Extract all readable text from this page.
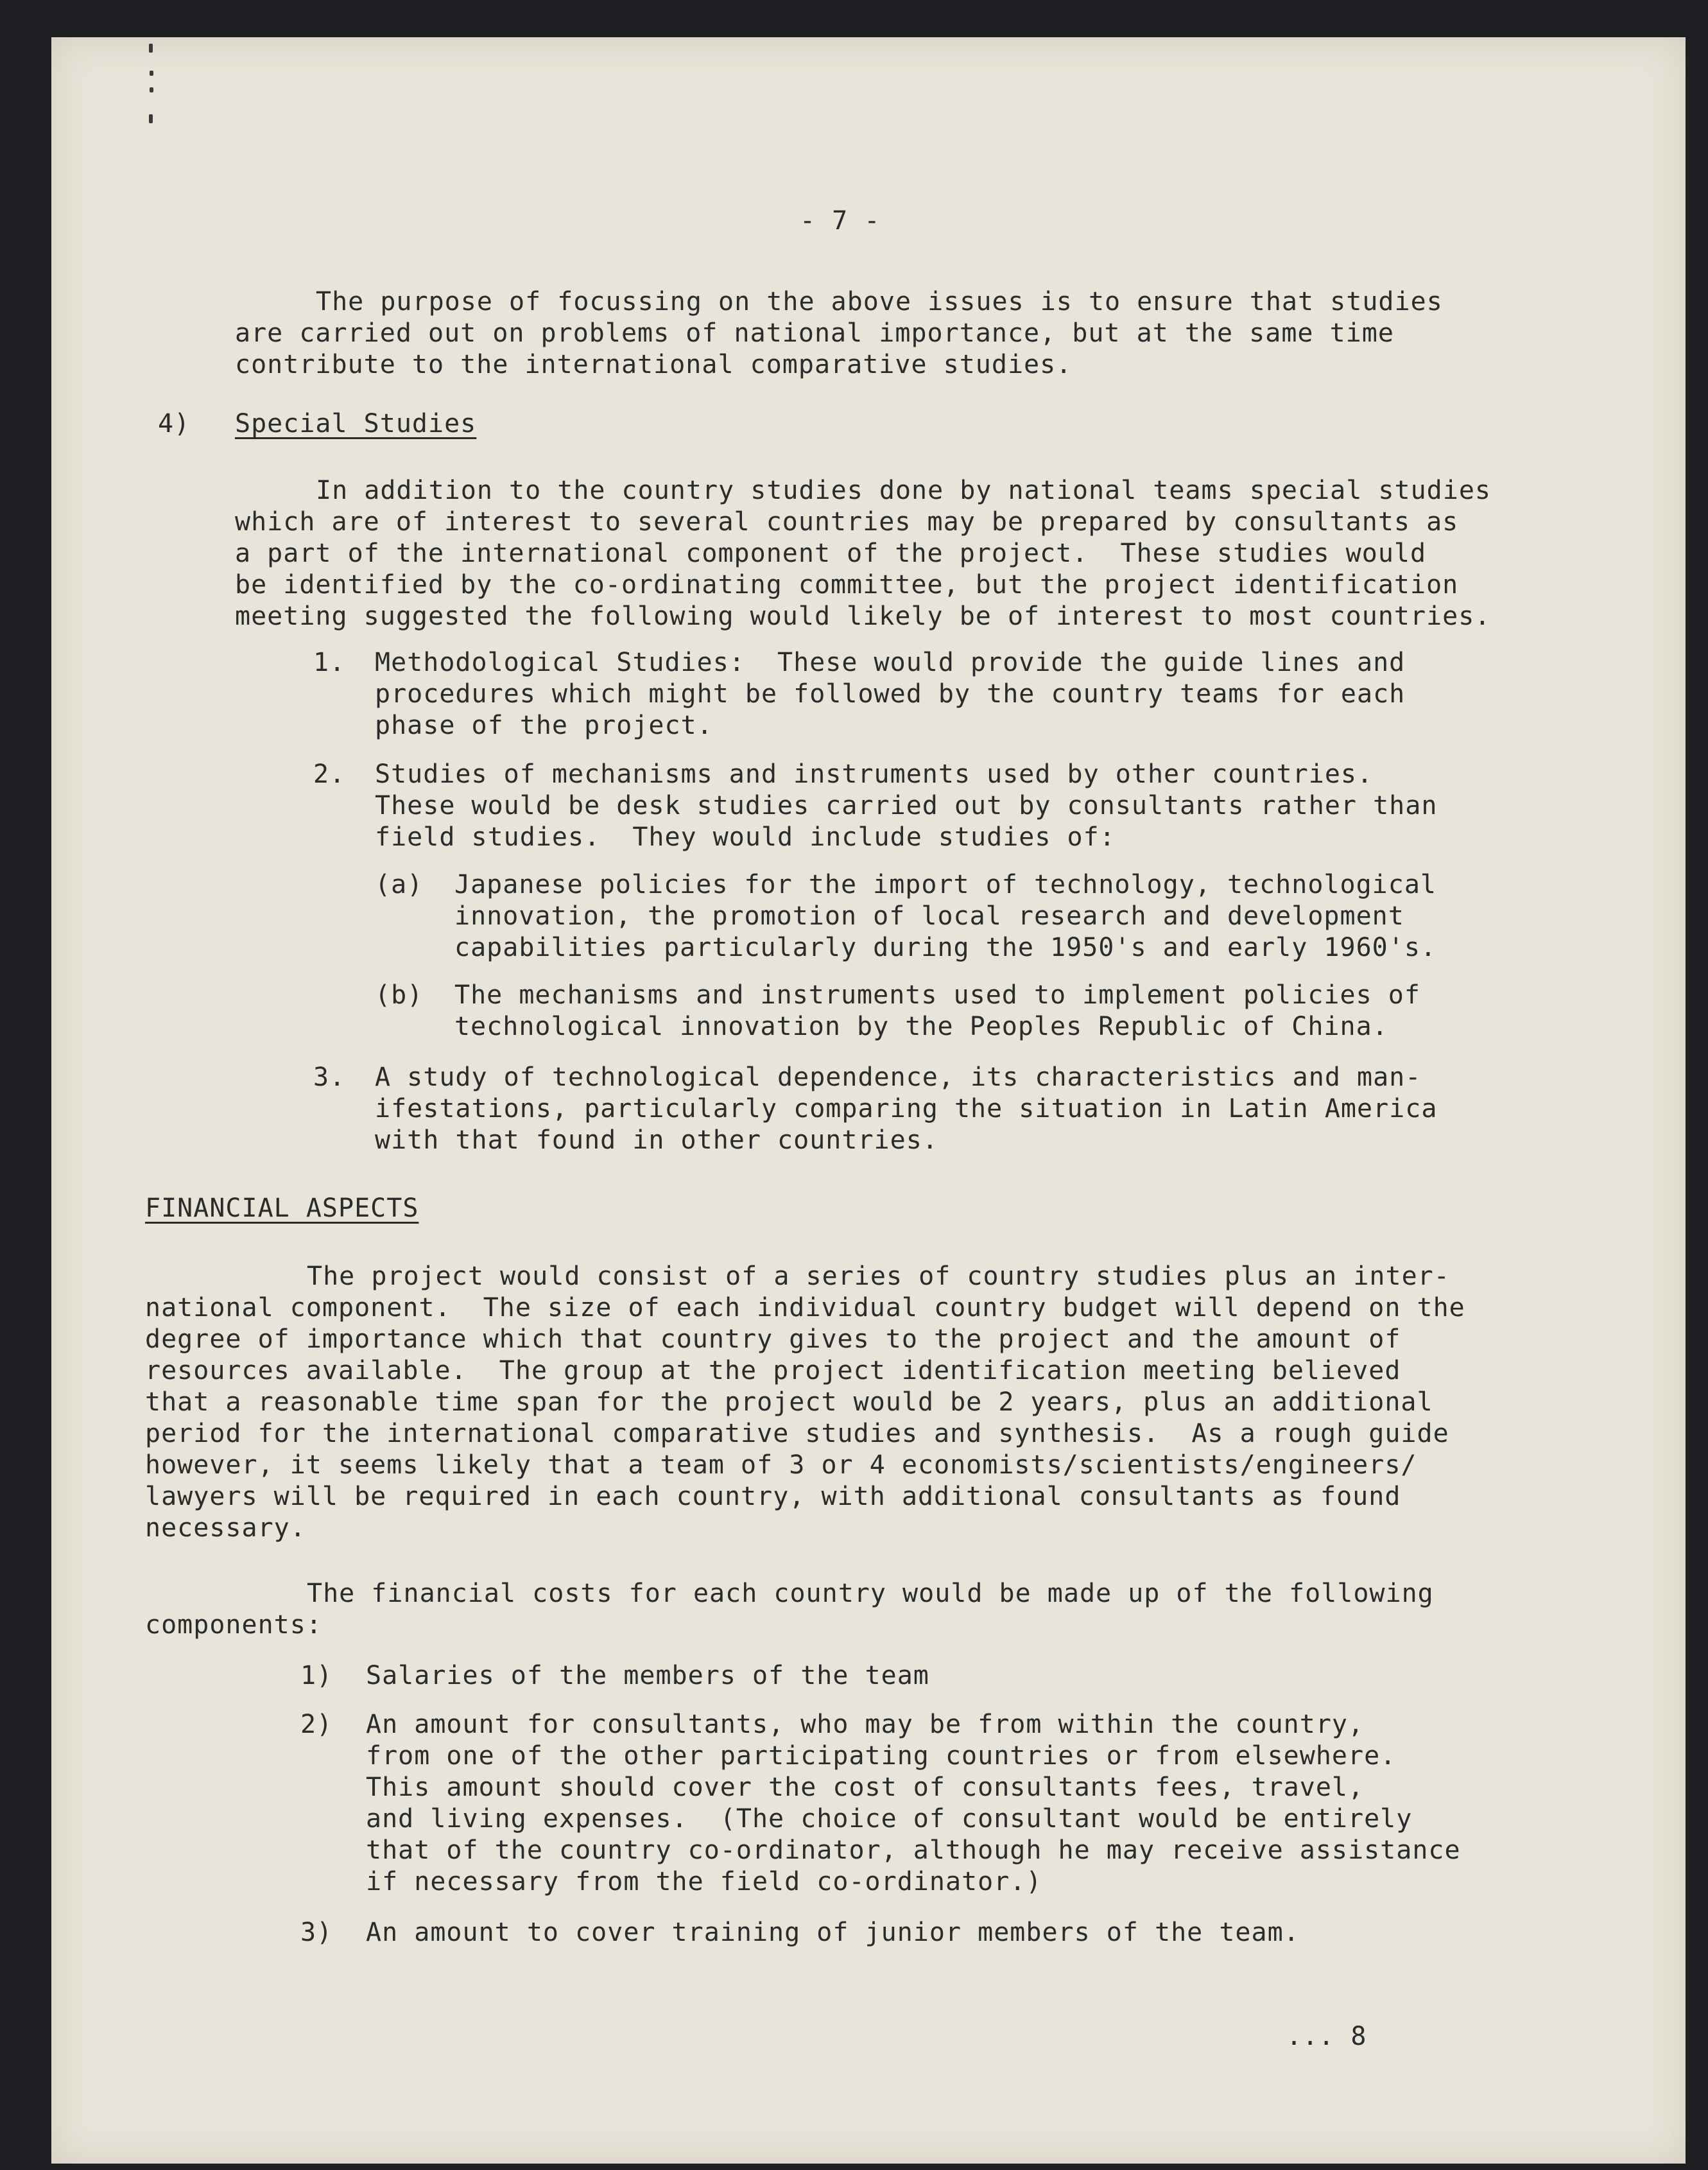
- 7 -
The purpose of focussing on the above issues is to ensure that studies
are carried out on problems of national importance, but at the same time
contribute to the international comparative studies.
4) Special Studies
In addition to the country studies done by national teams special studies
which are of interest to several countries may be prepared by consultants as
a part of the international component of the project.  These studies would
be identified by the co-ordinating committee, but the project identification
meeting suggested the following would likely be of interest to most countries.
1. Methodological Studies:  These would provide the guide lines and
procedures which might be followed by the country teams for each
phase of the project.
2. Studies of mechanisms and instruments used by other countries.
These would be desk studies carried out by consultants rather than
field studies.  They would include studies of:
(a) Japanese policies for the import of technology, technological
innovation, the promotion of local research and development
capabilities particularly during the 1950's and early 1960's.
(b) The mechanisms and instruments used to implement policies of
technological innovation by the Peoples Republic of China.
3. A study of technological dependence, its characteristics and man-
ifestations, particularly comparing the situation in Latin America
with that found in other countries.
FINANCIAL ASPECTS
The project would consist of a series of country studies plus an inter-
national component.  The size of each individual country budget will depend on the
degree of importance which that country gives to the project and the amount of
resources available.  The group at the project identification meeting believed
that a reasonable time span for the project would be 2 years, plus an additional
period for the international comparative studies and synthesis.  As a rough guide
however, it seems likely that a team of 3 or 4 economists/scientists/engineers/
lawyers will be required in each country, with additional consultants as found
necessary.
The financial costs for each country would be made up of the following
components:
1) Salaries of the members of the team
2) An amount for consultants, who may be from within the country,
from one of the other participating countries or from elsewhere.
This amount should cover the cost of consultants fees, travel,
and living expenses.  (The choice of consultant would be entirely
that of the country co-ordinator, although he may receive assistance
if necessary from the field co-ordinator.)
3) An amount to cover training of junior members of the team.
... 8
